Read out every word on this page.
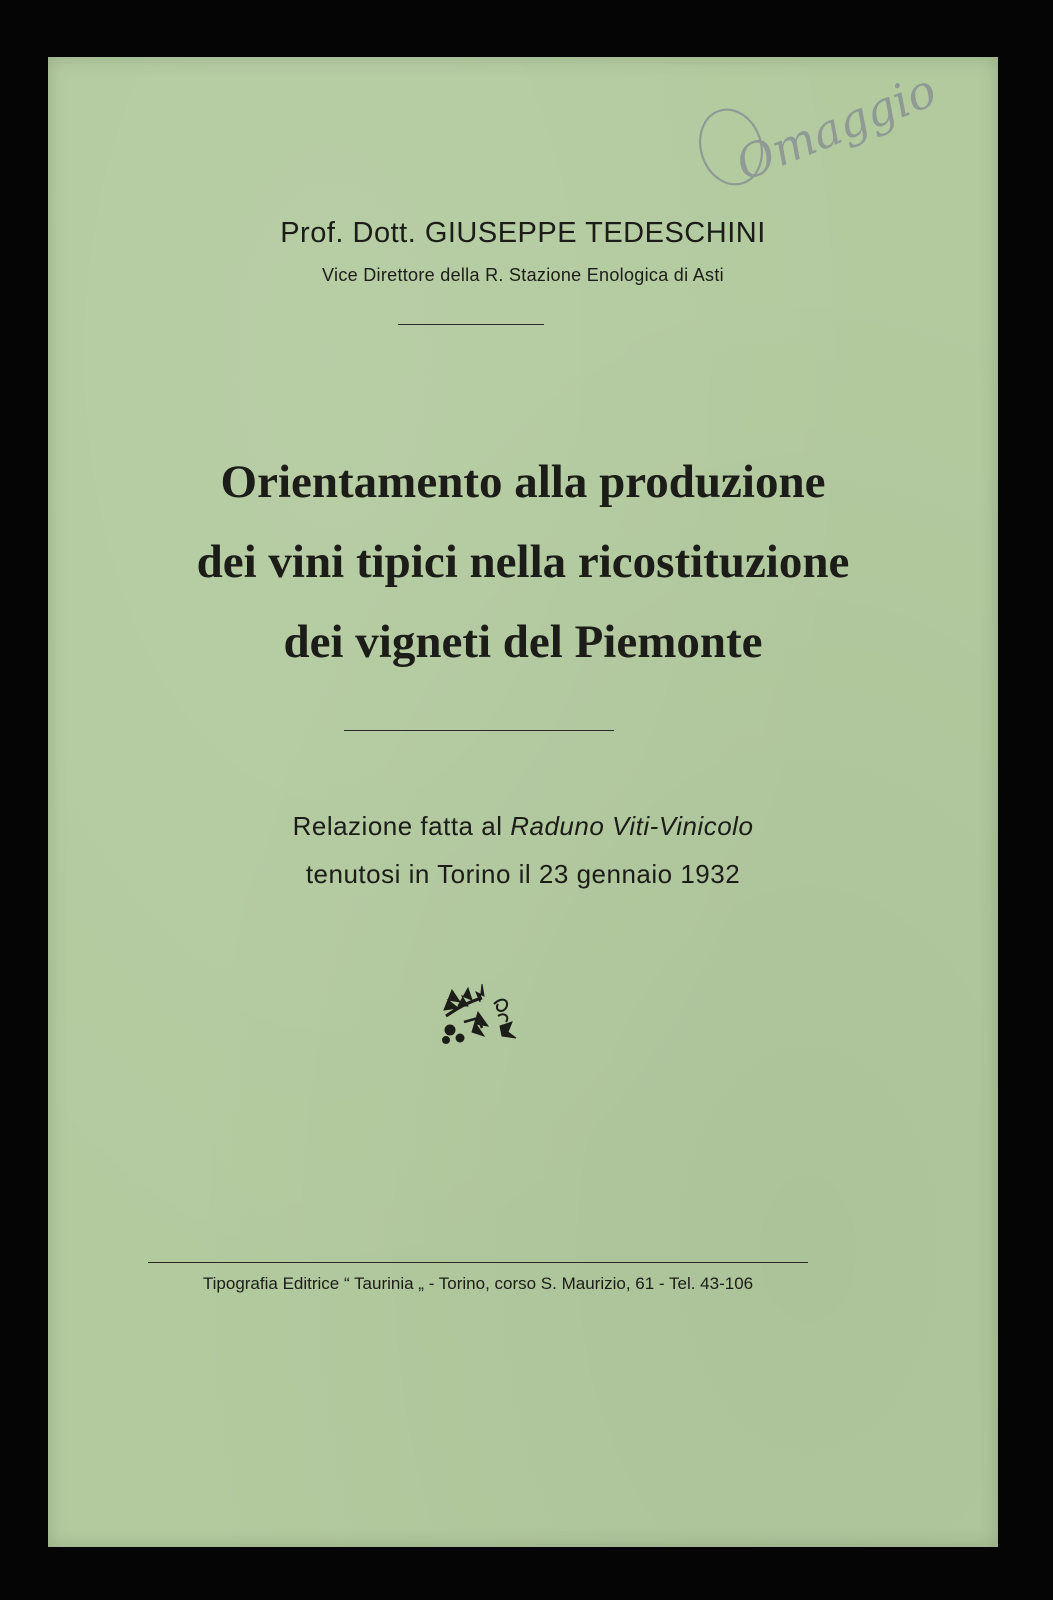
Omaggio
Prof. Dott. GIUSEPPE TEDESCHINI
Vice Direttore della R. Stazione Enologica di Asti
Orientamento alla produzione
dei vini tipici nella ricostituzione
dei vigneti del Piemonte
Relazione fatta al Raduno Viti-Vinicolo
tenutosi in Torino il 23 gennaio 1932
Tipografia Editrice “ Taurinia „ - Torino, corso S. Maurizio, 61 - Tel. 43-106
